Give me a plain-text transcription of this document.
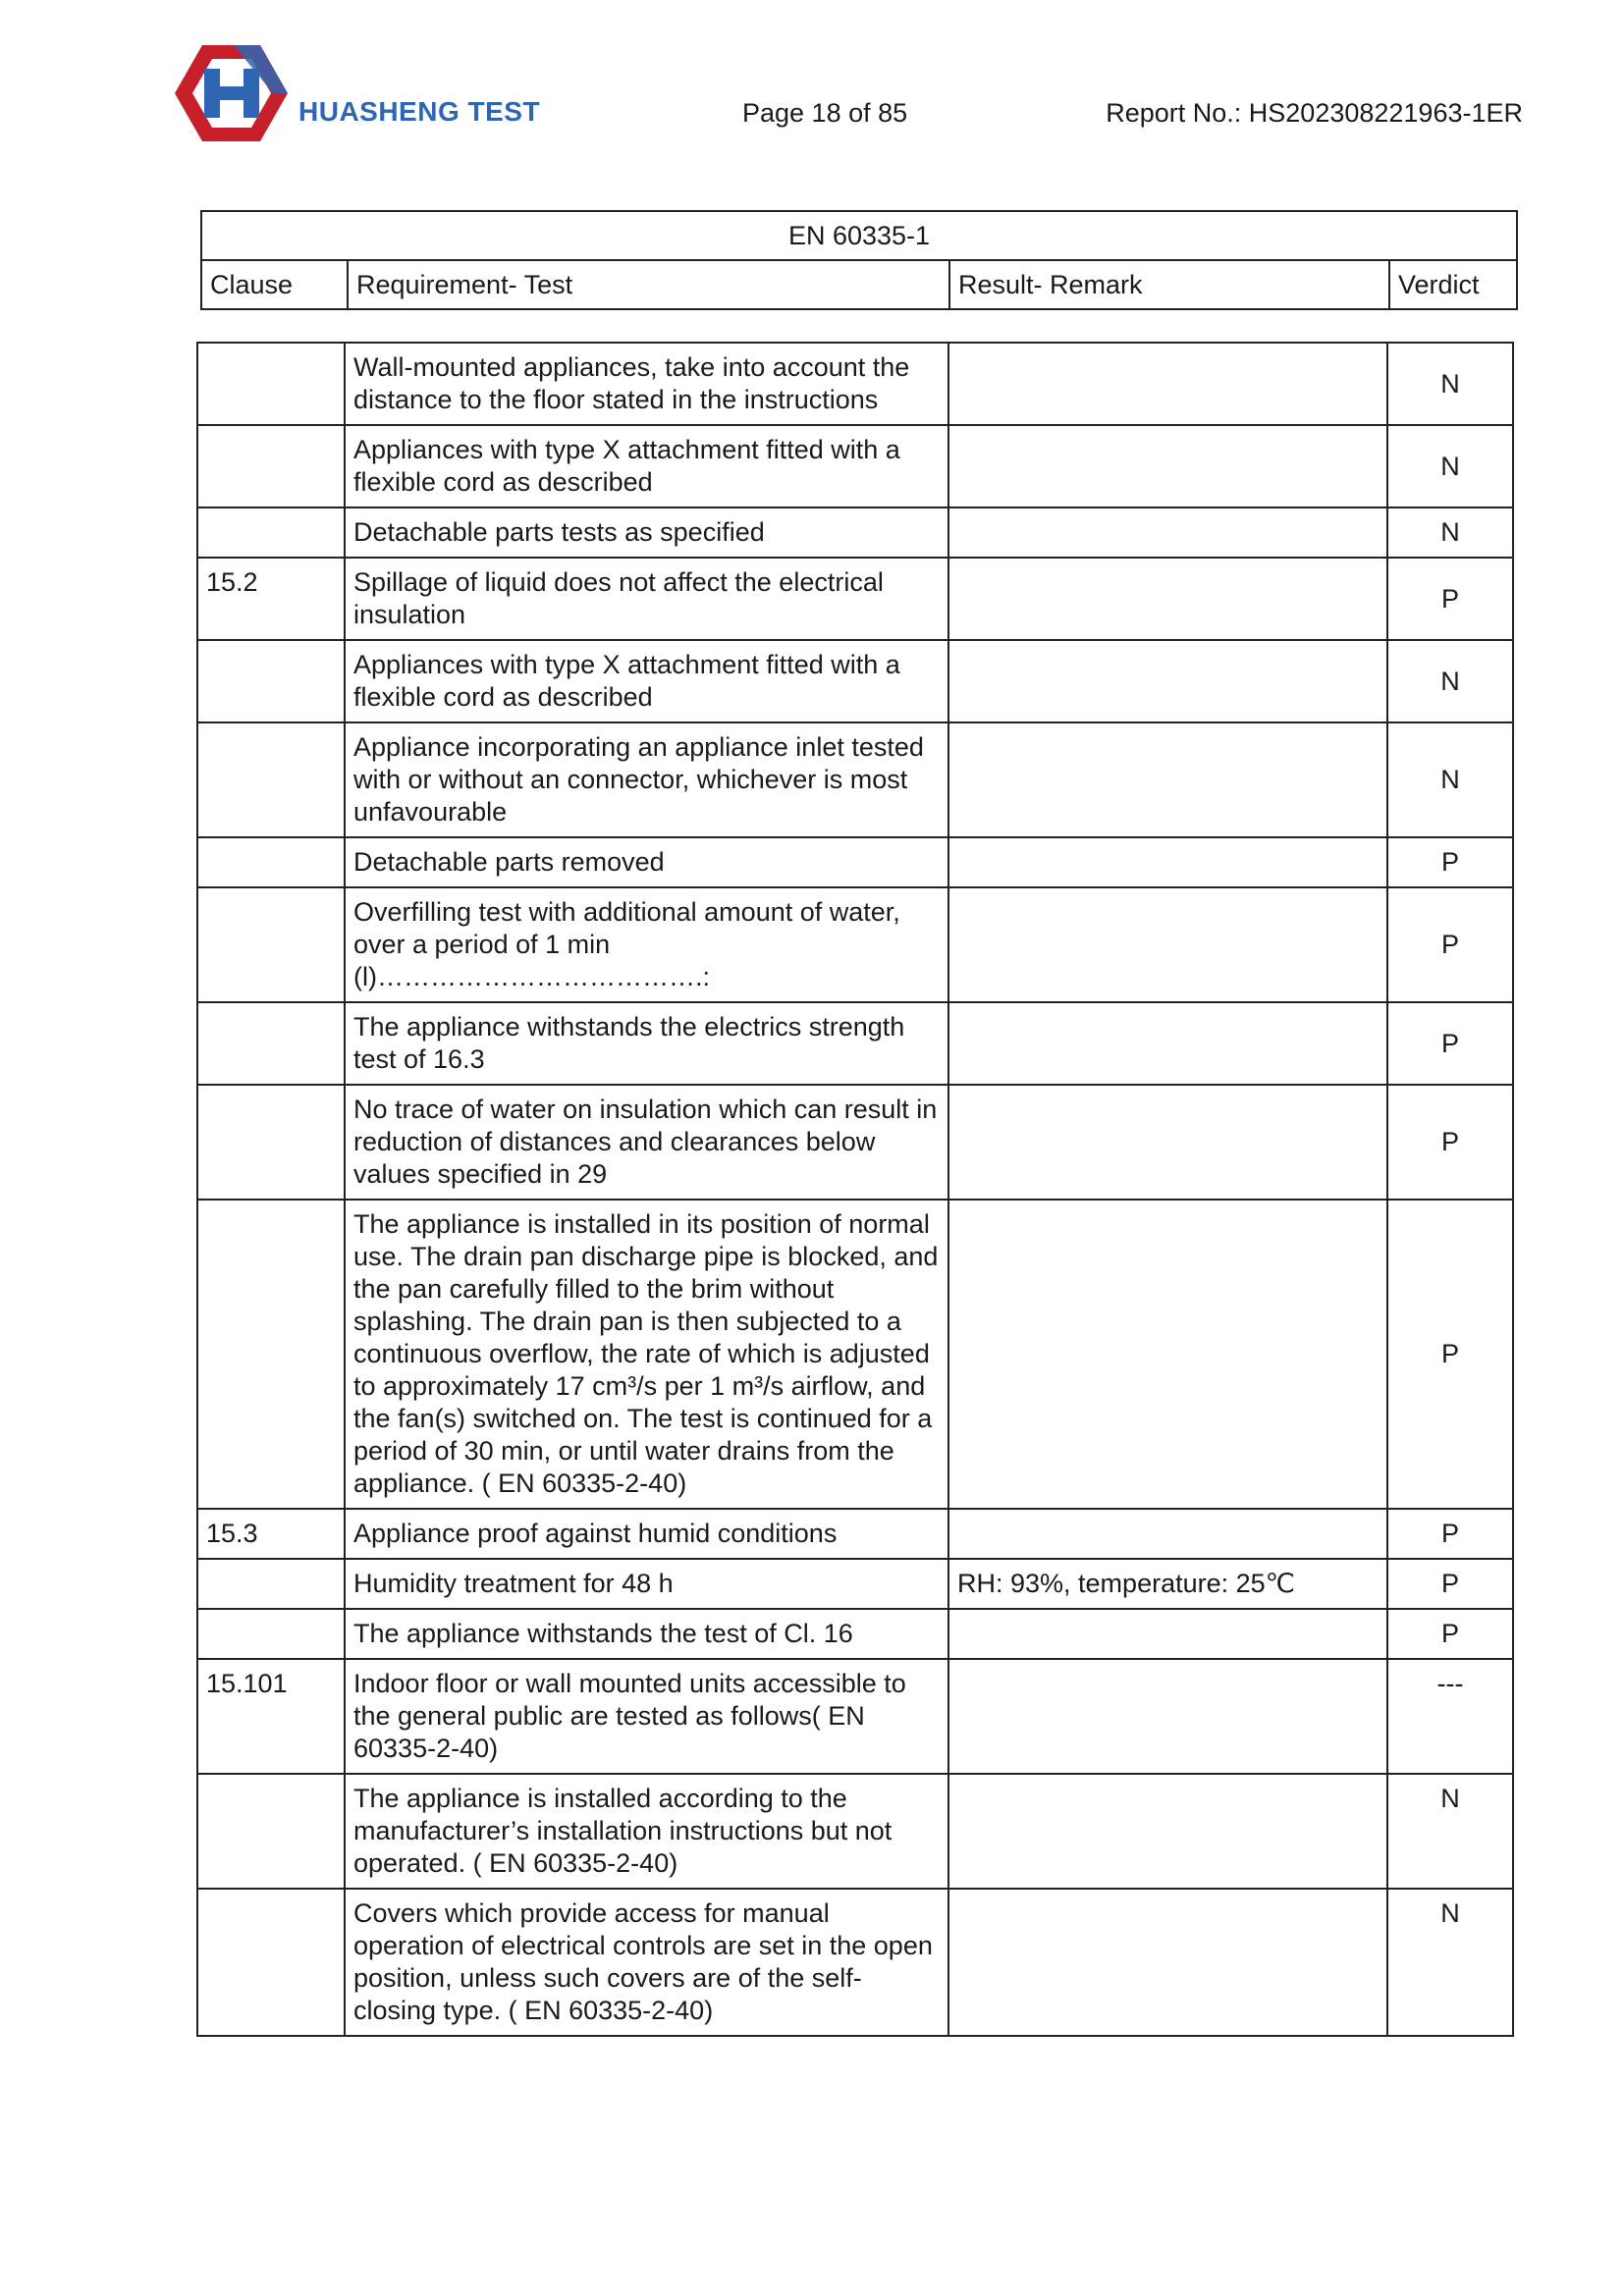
HUASHENG TEST	Page 18 of 85	Report No.: HS202308221963-1ER
EN 60335-1
Clause	Requirement- Test	Result- Remark	Verdict
	Wall-mounted appliances, take into account the distance to the floor stated in the instructions		N
	Appliances with type X attachment fitted with a flexible cord as described		N
	Detachable parts tests as specified		N
15.2	Spillage of liquid does not affect the electrical insulation		P
	Appliances with type X attachment fitted with a flexible cord as described		N
	Appliance incorporating an appliance inlet tested with or without an connector, whichever is most unfavourable		N
	Detachable parts removed		P
	Overfilling test with additional amount of water, over a period of 1 min (l)……………………………….:		P
	The appliance withstands the electrics strength test of 16.3		P
	No trace of water on insulation which can result in reduction of distances and clearances below values specified in 29		P
	The appliance is installed in its position of normal use. The drain pan discharge pipe is blocked, and the pan carefully filled to the brim without splashing. The drain pan is then subjected to a continuous overflow, the rate of which is adjusted to approximately 17 cm³/s per 1 m³/s airflow, and the fan(s) switched on. The test is continued for a period of 30 min, or until water drains from the appliance. ( EN 60335-2-40)		P
15.3	Appliance proof against humid conditions		P
	Humidity treatment for 48 h	RH: 93%, temperature: 25℃	P
	The appliance withstands the test of Cl. 16		P
15.101	Indoor floor or wall mounted units accessible to the general public are tested as follows( EN 60335-2-40)		---
	The appliance is installed according to the manufacturer’s installation instructions but not operated. ( EN 60335-2-40)		N
	Covers which provide access for manual operation of electrical controls are set in the open position, unless such covers are of the self-closing type. ( EN 60335-2-40)		N
